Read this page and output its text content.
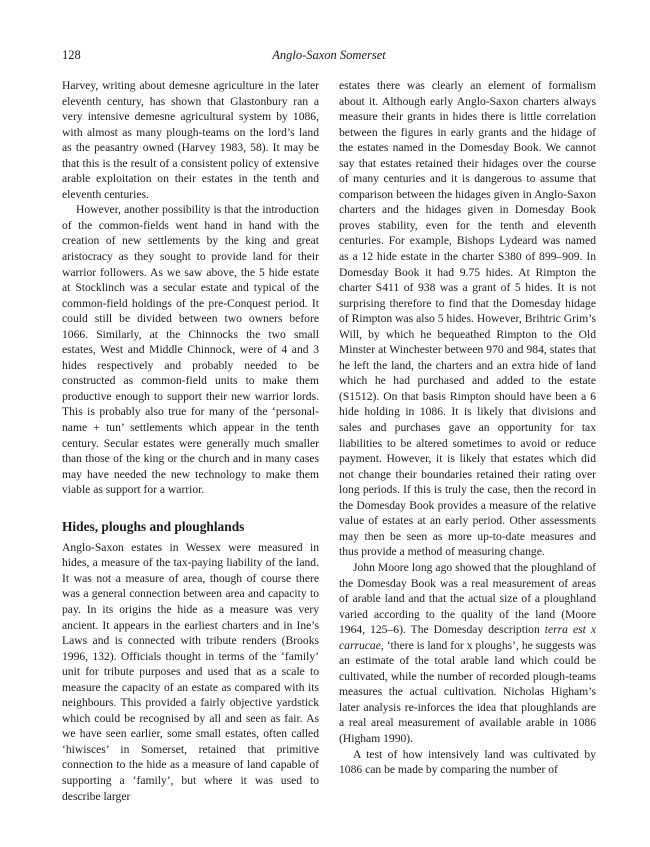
128	Anglo-Saxon Somerset

Harvey, writing about demesne agriculture in the later eleventh century, has shown that Glastonbury ran a very intensive demesne agricultural system by 1086, with almost as many plough-teams on the lord’s land as the peasantry owned (Harvey 1983, 58). It may be that this is the result of a consistent policy of extensive arable exploitation on their estates in the tenth and eleventh centuries.

However, another possibility is that the introduction of the common-fields went hand in hand with the creation of new settlements by the king and great aristocracy as they sought to provide land for their warrior followers. As we saw above, the 5 hide estate at Stocklinch was a secular estate and typical of the common-field holdings of the pre-Conquest period. It could still be divided between two owners before 1066. Similarly, at the Chinnocks the two small estates, West and Middle Chinnock, were of 4 and 3 hides respectively and probably needed to be constructed as common-field units to make them productive enough to support their new warrior lords. This is probably also true for many of the ‘personal-name + tun’ settlements which appear in the tenth century. Secular estates were generally much smaller than those of the king or the church and in many cases may have needed the new technology to make them viable as support for a warrior.

Hides, ploughs and ploughlands

Anglo-Saxon estates in Wessex were measured in hides, a measure of the tax-paying liability of the land. It was not a measure of area, though of course there was a general connection between area and capacity to pay. In its origins the hide as a measure was very ancient. It appears in the earliest charters and in Ine’s Laws and is connected with tribute renders (Brooks 1996, 132). Officials thought in terms of the ‘family’ unit for tribute purposes and used that as a scale to measure the capacity of an estate as compared with its neighbours. This provided a fairly objective yardstick which could be recognised by all and seen as fair. As we have seen earlier, some small estates, often called ‘hiwisces’ in Somerset, retained that primitive connection to the hide as a measure of land capable of supporting a ‘family’, but where it was used to describe larger

estates there was clearly an element of formalism about it. Although early Anglo-Saxon charters always measure their grants in hides there is little correlation between the figures in early grants and the hidage of the estates named in the Domesday Book. We cannot say that estates retained their hidages over the course of many centuries and it is dangerous to assume that comparison between the hidages given in Anglo-Saxon charters and the hidages given in Domesday Book proves stability, even for the tenth and eleventh centuries. For example, Bishops Lydeard was named as a 12 hide estate in the charter S380 of 899–909. In Domesday Book it had 9.75 hides. At Rimpton the charter S411 of 938 was a grant of 5 hides. It is not surprising therefore to find that the Domesday hidage of Rimpton was also 5 hides. However, Brihtric Grim’s Will, by which he bequeathed Rimpton to the Old Minster at Winchester between 970 and 984, states that he left the land, the charters and an extra hide of land which he had purchased and added to the estate (S1512). On that basis Rimpton should have been a 6 hide holding in 1086. It is likely that divisions and sales and purchases gave an opportunity for tax liabilities to be altered sometimes to avoid or reduce payment. However, it is likely that estates which did not change their boundaries retained their rating over long periods. If this is truly the case, then the record in the Domesday Book provides a measure of the relative value of estates at an early period. Other assessments may then be seen as more up-to-date measures and thus provide a method of measuring change.

John Moore long ago showed that the ploughland of the Domesday Book was a real measurement of areas of arable land and that the actual size of a ploughland varied according to the quality of the land (Moore 1964, 125–6). The Domesday description terra est x carrucae, ‘there is land for x ploughs’, he suggests was an estimate of the total arable land which could be cultivated, while the number of recorded plough-teams measures the actual cultivation. Nicholas Higham’s later analysis re-inforces the idea that ploughlands are a real areal measurement of available arable in 1086 (Higham 1990).

A test of how intensively land was cultivated by 1086 can be made by comparing the number of
